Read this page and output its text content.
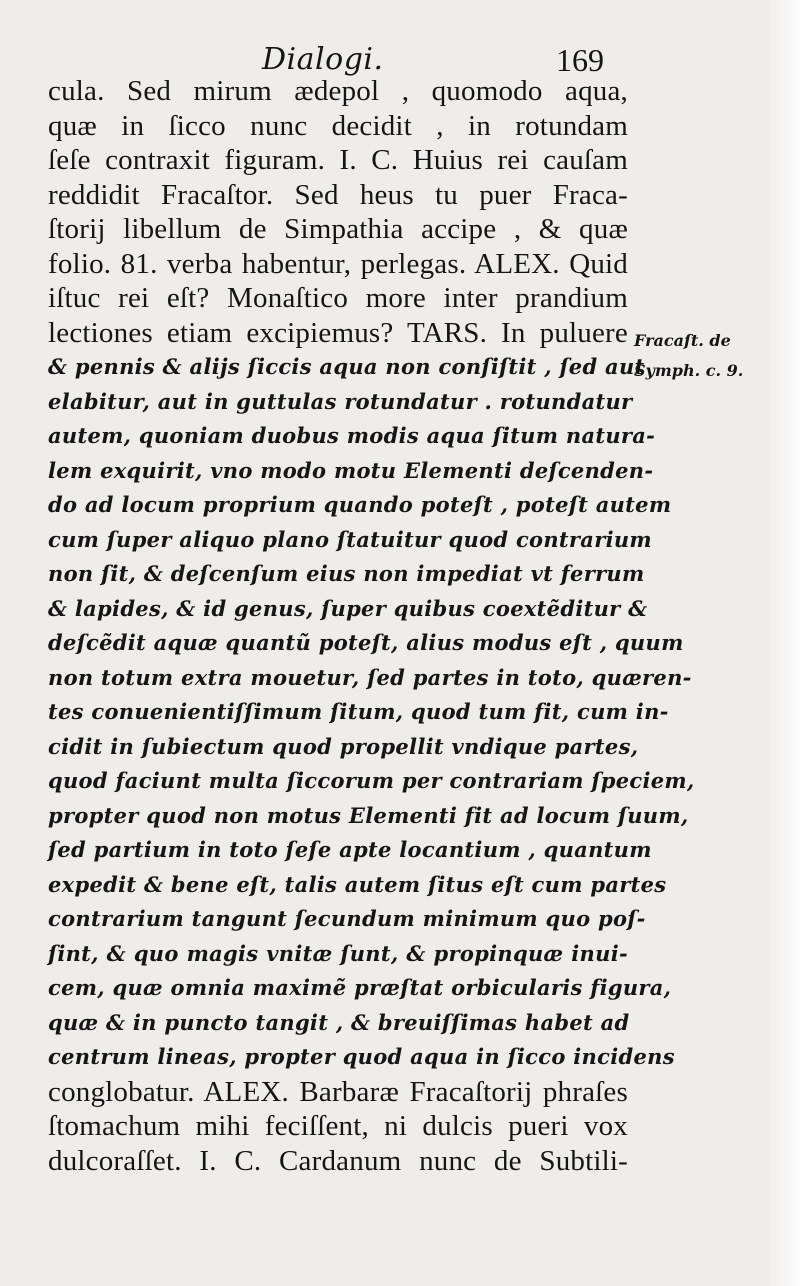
Dialogi.	169
cula. Sed mirum ædepol , quomodo aqua,
quæ in ſicco nunc decidit , in rotundam
ſeſe contraxit figuram. I. C. Huius rei cauſam
reddidit Fracaſtor. Sed heus tu puer Fraca-
ſtorij libellum de Simpathia accipe , & quæ
folio. 81. verba habentur, perlegas. ALEX. Quid
iſtuc rei eſt? Monaſtico more inter prandium
lectiones etiam excipiemus? TARS. In puluere
& pennis & alijs ſiccis aqua non conſiſtit , ſed aut
elabitur, aut in guttulas rotundatur . rotundatur
autem, quoniam duobus modis aqua ſitum natura-
lem exquirit, vno modo motu Elementi deſcenden-
do ad locum proprium quando poteſt , poteſt autem
cum ſuper aliquo plano ſtatuitur quod contrarium
non ſit, & deſcenſum eius non impediat vt ferrum
& lapides, & id genus, ſuper quibus coextẽditur &
deſcẽdit aquæ quantũ poteſt, alius modus eſt , quum
non totum extra mouetur, ſed partes in toto, quæren-
tes conuenientiſſimum ſitum, quod tum fit, cum in-
cidit in ſubiectum quod propellit vndique partes,
quod faciunt multa ſiccorum per contrariam ſpeciem,
propter quod non motus Elementi fit ad locum ſuum,
ſed partium in toto ſeſe apte locantium , quantum
expedit & bene eſt, talis autem ſitus eſt cum partes
contrarium tangunt ſecundum minimum quo poſ-
ſint, & quo magis vnitæ ſunt, & propinquæ inui-
cem, quæ omnia maximẽ præſtat orbicularis figura,
quæ & in puncto tangit , & breuiſſimas habet ad
centrum lineas, propter quod aqua in ſicco incidens
conglobatur. ALEX. Barbaræ Fracaſtorij phraſes
ſtomachum mihi feciſſent, ni dulcis pueri vox
dulcoraſſet. I. C. Cardanum nunc de Subtili-
Fracaſt. de
Symph. c. 9.
